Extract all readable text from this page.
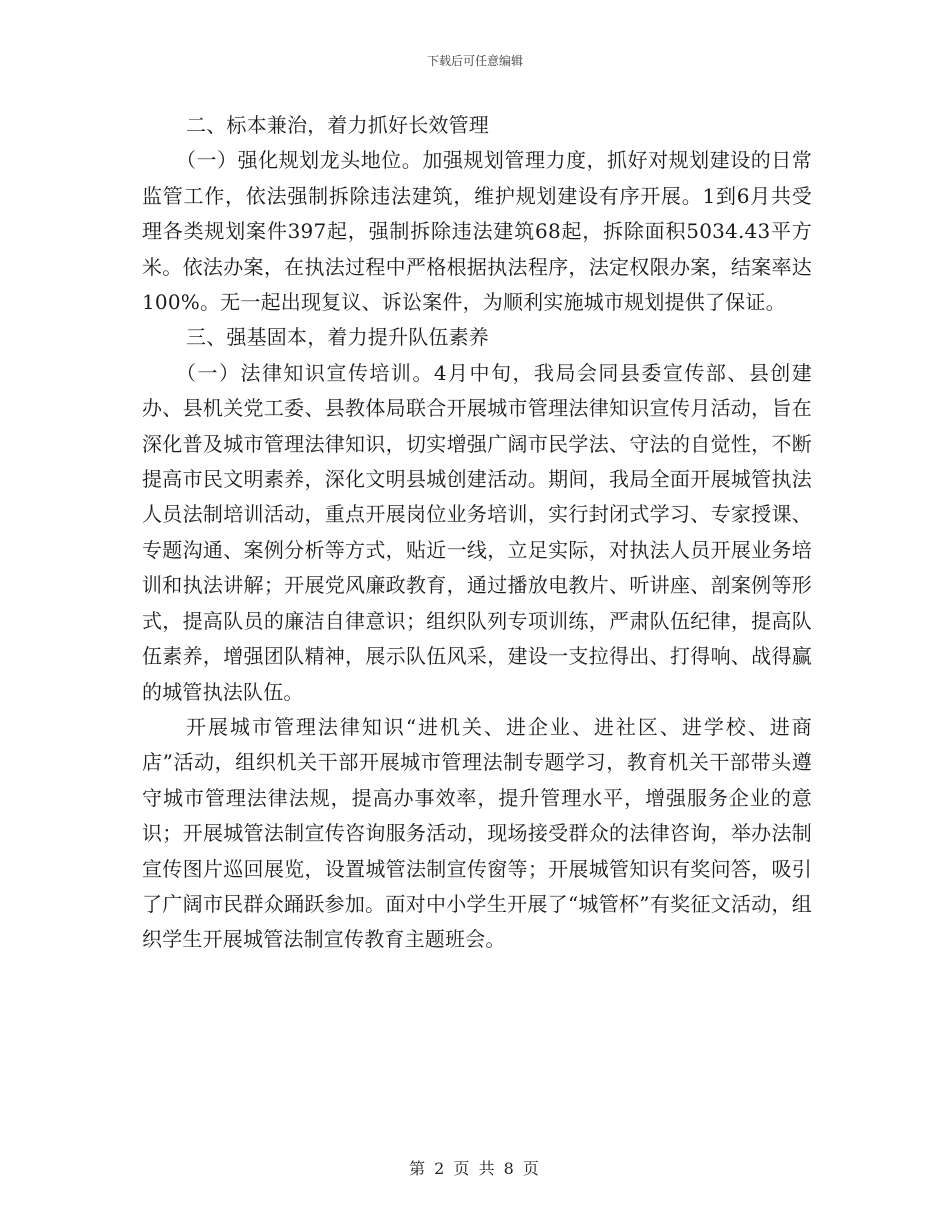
下载后可任意编辑

二、标本兼治，着力抓好长效管理

（一）强化规划龙头地位。加强规划管理力度，抓好对规划建设的日常监管工作，依法强制拆除违法建筑，维护规划建设有序开展。1到6月共受理各类规划案件397起，强制拆除违法建筑68起，拆除面积5034.43平方米。依法办案，在执法过程中严格根据执法程序，法定权限办案，结案率达100%。无一起出现复议、诉讼案件，为顺利实施城市规划提供了保证。

三、强基固本，着力提升队伍素养

（一）法律知识宣传培训。4月中旬，我局会同县委宣传部、县创建办、县机关党工委、县教体局联合开展城市管理法律知识宣传月活动，旨在深化普及城市管理法律知识，切实增强广阔市民学法、守法的自觉性，不断提高市民文明素养，深化文明县城创建活动。期间，我局全面开展城管执法人员法制培训活动，重点开展岗位业务培训，实行封闭式学习、专家授课、专题沟通、案例分析等方式，贴近一线，立足实际，对执法人员开展业务培训和执法讲解；开展党风廉政教育，通过播放电教片、听讲座、剖案例等形式，提高队员的廉洁自律意识；组织队列专项训练，严肃队伍纪律，提高队伍素养，增强团队精神，展示队伍风采，建设一支拉得出、打得响、战得赢的城管执法队伍。

开展城市管理法律知识“进机关、进企业、进社区、进学校、进商店”活动，组织机关干部开展城市管理法制专题学习，教育机关干部带头遵守城市管理法律法规，提高办事效率，提升管理水平，增强服务企业的意识；开展城管法制宣传咨询服务活动，现场接受群众的法律咨询，举办法制宣传图片巡回展览，设置城管法制宣传窗等；开展城管知识有奖问答，吸引了广阔市民群众踊跃参加。面对中小学生开展了“城管杯”有奖征文活动，组织学生开展城管法制宣传教育主题班会。

第 2 页 共 8 页
